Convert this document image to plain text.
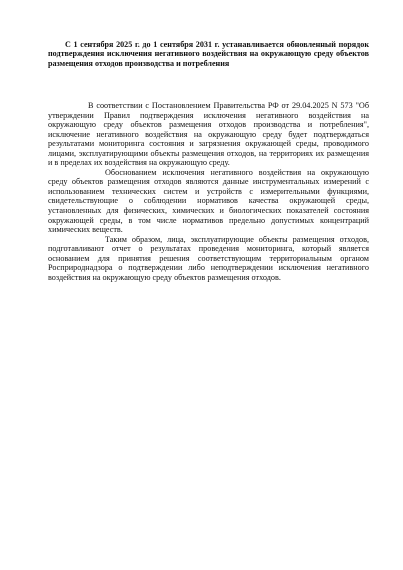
С 1 сентября 2025 г. до 1 сентября 2031 г. устанавливается обновленный порядок подтверждения исключения негативного воздействия на окружающую среду объектов размещения отходов производства и потребления

В соответствии с Постановлением Правительства РФ от 29.04.2025 N 573 "Об утверждении Правил подтверждения исключения негативного воздействия на окружающую среду объектов размещения отходов производства и потребления", исключение негативного воздействия на окружающую среду будет подтверждаться результатами мониторинга состояния и загрязнения окружающей среды, проводимого лицами, эксплуатирующими объекты размещения отходов, на территориях их размещения и в пределах их воздействия на окружающую среду.

Обоснованием исключения негативного воздействия на окружающую среду объектов размещения отходов являются данные инструментальных измерений с использованием технических систем и устройств с измерительными функциями, свидетельствующие о соблюдении нормативов качества окружающей среды, установленных для физических, химических и биологических показателей состояния окружающей среды, в том числе нормативов предельно допустимых концентраций химических веществ.

Таким образом, лица, эксплуатирующие объекты размещения отходов, подготавливают отчет о результатах проведения мониторинга, который является основанием для принятия решения соответствующим территориальным органом Росприроднадзора о подтверждении либо неподтверждении исключения негативного воздействия на окружающую среду объектов размещения отходов.
